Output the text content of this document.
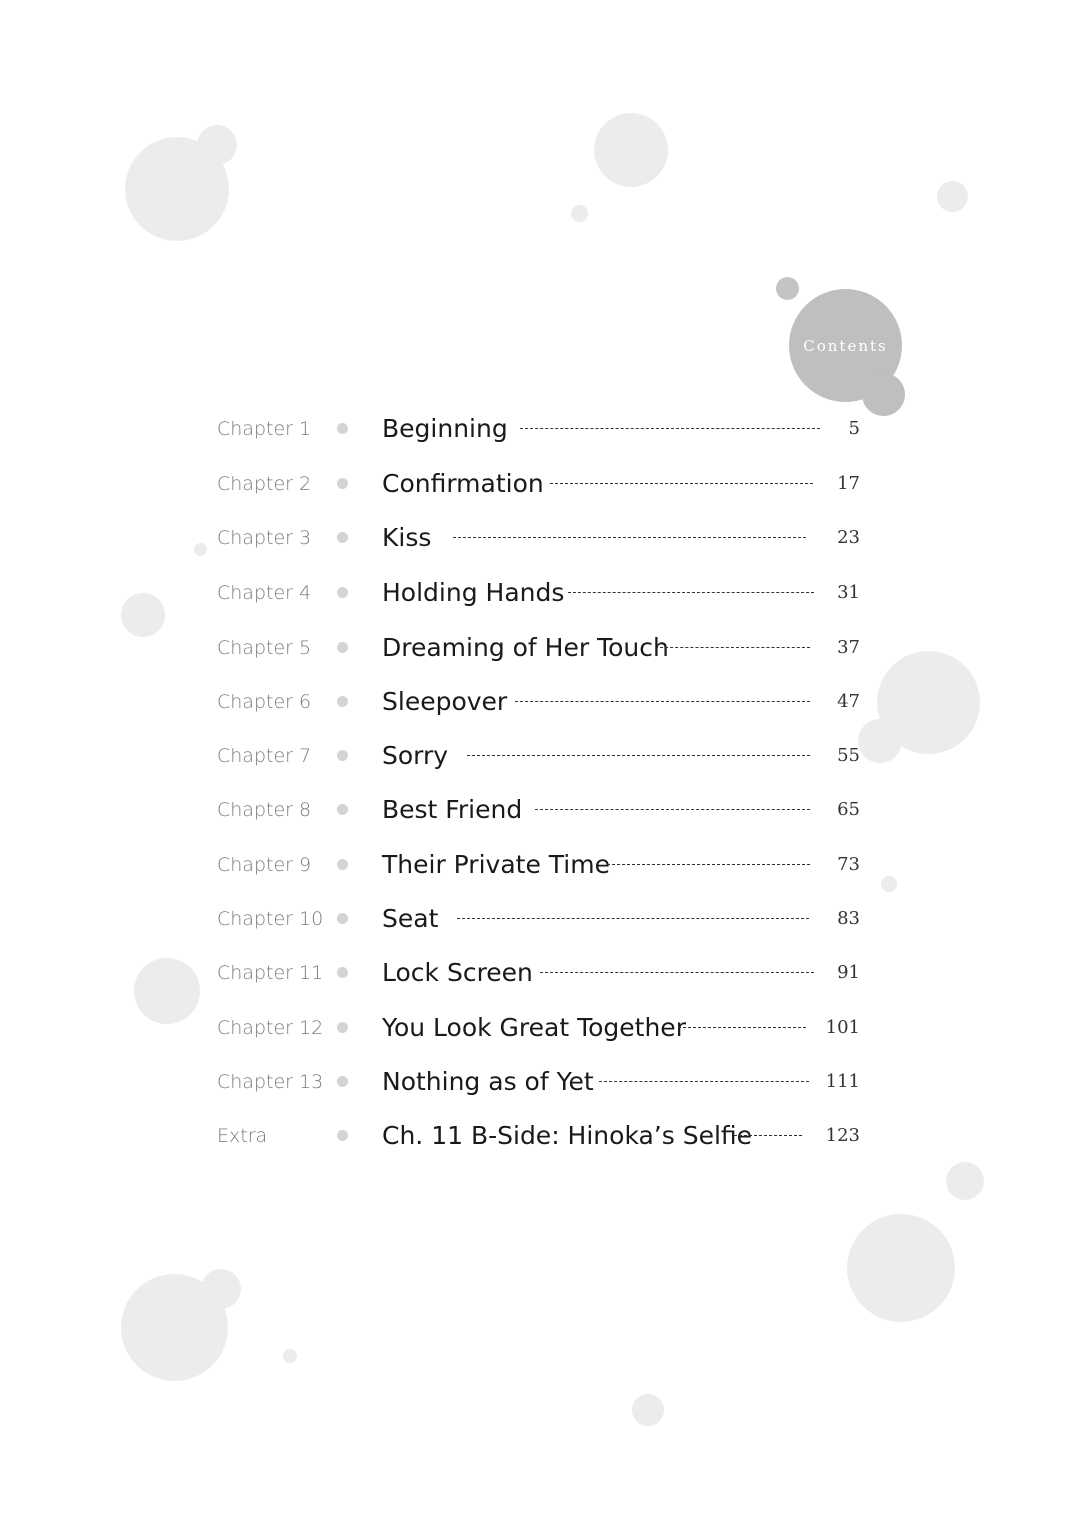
Contents
Chapter 1	Beginning	5
Chapter 2	Confirmation	17
Chapter 3	Kiss	23
Chapter 4	Holding Hands	31
Chapter 5	Dreaming of Her Touch	37
Chapter 6	Sleepover	47
Chapter 7	Sorry	55
Chapter 8	Best Friend	65
Chapter 9	Their Private Time	73
Chapter 10 Seat	83
Chapter 11 Lock Screen	91
Chapter 12 You Look Great Together	101
Chapter 13 Nothing as of Yet	111
Extra	Ch. 11 B-Side: Hinoka’s Selfie	123
